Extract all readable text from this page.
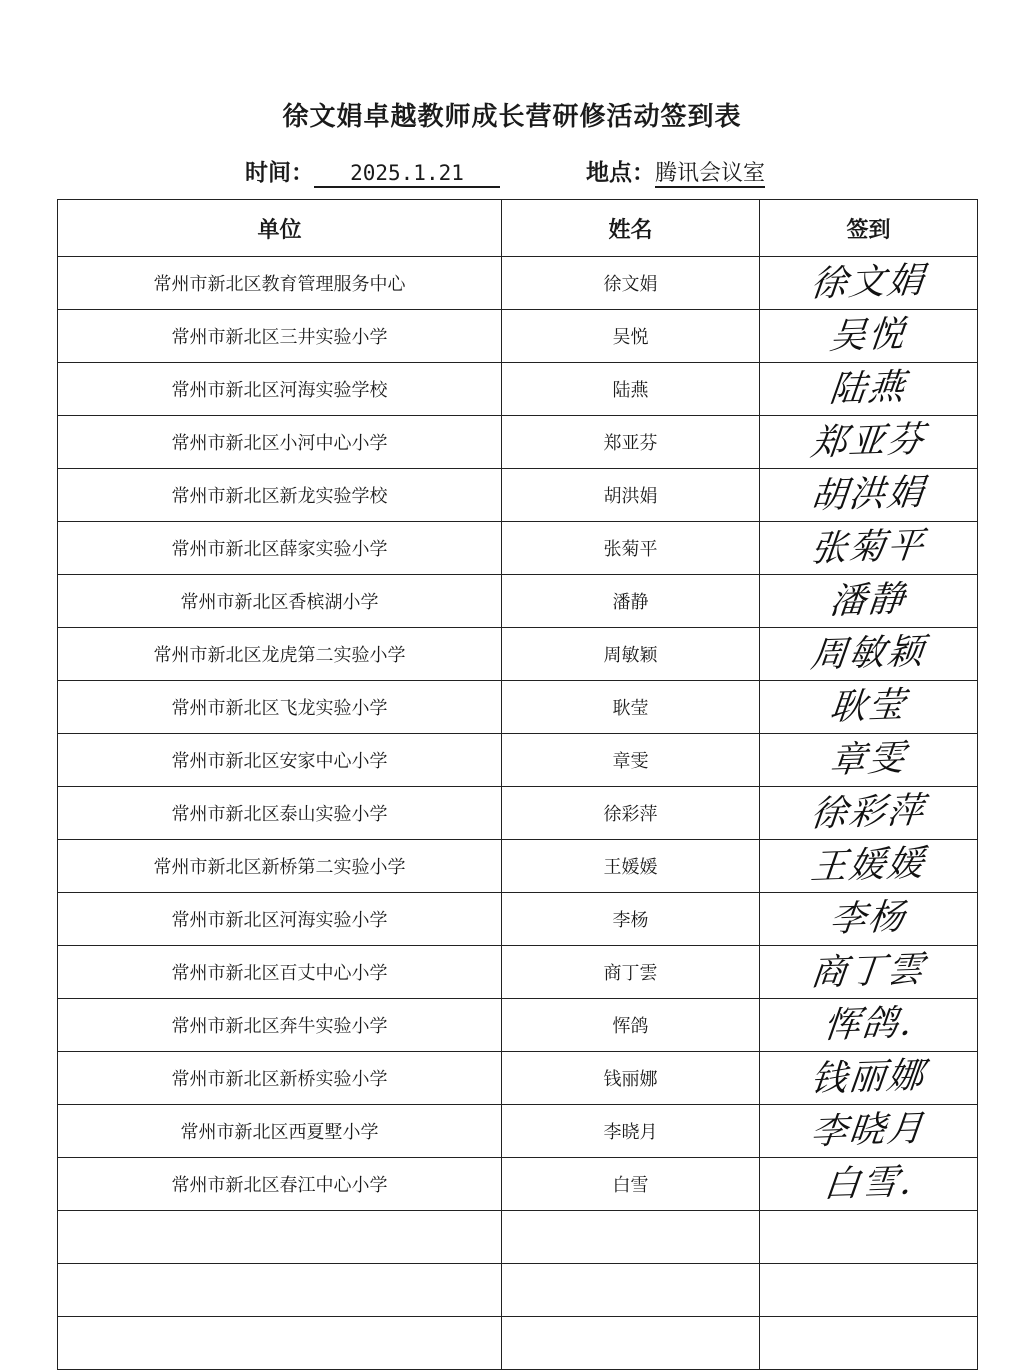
徐文娟卓越教师成长营研修活动签到表
时间： 2025.1.21	地点：腾讯会议室
单位	姓名	签到
常州市新北区教育管理服务中心	徐文娟	徐文娟
常州市新北区三井实验小学	吴悦	吴悦
常州市新北区河海实验学校	陆燕	陆燕
常州市新北区小河中心小学	郑亚芬	郑亚芬
常州市新北区新龙实验学校	胡洪娟	胡洪娟
常州市新北区薛家实验小学	张菊平	张菊平
常州市新北区香槟湖小学	潘静	潘静
常州市新北区龙虎第二实验小学	周敏颖	周敏颖
常州市新北区飞龙实验小学	耿莹	耿莹
常州市新北区安家中心小学	章雯	章雯
常州市新北区泰山实验小学	徐彩萍	徐彩萍
常州市新北区新桥第二实验小学	王媛媛	王媛媛
常州市新北区河海实验小学	李杨	李杨
常州市新北区百丈中心小学	商丁雲	商丁雲
常州市新北区奔牛实验小学	恽鸽	恽鸽.
常州市新北区新桥实验小学	钱丽娜	钱丽娜
常州市新北区西夏墅小学	李晓月	李晓月
常州市新北区春江中心小学	白雪	白雪.
